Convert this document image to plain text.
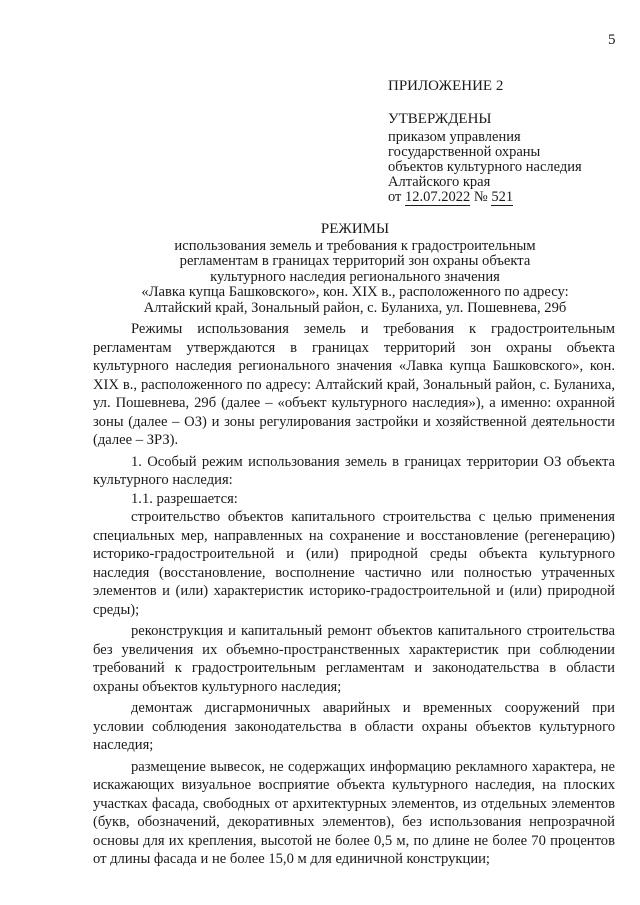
5
ПРИЛОЖЕНИЕ 2
УТВЕРЖДЕНЫ
приказом управления
государственной охраны
объектов культурного наследия
Алтайского края
от 12.07.2022 № 521
РЕЖИМЫ
использования земель и требования к градостроительным
регламентам в границах территорий зон охраны объекта
культурного наследия регионального значения
«Лавка купца Башковского», кон. XIX в., расположенного по адресу:
Алтайский край, Зональный район, с. Буланиха, ул. Пошевнева, 29б

Режимы использования земель и требования к градостроительным регламентам утверждаются в границах территорий зон охраны объекта культурного наследия регионального значения «Лавка купца Башковского», кон. XIX в., расположенного по адресу: Алтайский край, Зональный район, с. Буланиха, ул. Пошевнева, 29б (далее – «объект культурного наследия»), а именно: охранной зоны (далее – ОЗ) и зоны регулирования застройки и хозяйственной деятельности (далее – ЗРЗ).

1. Особый режим использования земель в границах территории ОЗ объекта культурного наследия:

1.1. разрешается:

строительство объектов капитального строительства с целью применения специальных мер, направленных на сохранение и восстановление (регенерацию) историко-градостроительной и (или) природной среды объекта культурного наследия (восстановление, восполнение частично или полностью утраченных элементов и (или) характеристик историко-градостроительной и (или) природной среды);

реконструкция и капитальный ремонт объектов капитального строительства без увеличения их объемно-пространственных характеристик при соблюдении требований к градостроительным регламентам и законодательства в области охраны объектов культурного наследия;

демонтаж дисгармоничных аварийных и временных сооружений при условии соблюдения законодательства в области охраны объектов культурного наследия;

размещение вывесок, не содержащих информацию рекламного характера, не искажающих визуальное восприятие объекта культурного наследия, на плоских участках фасада, свободных от архитектурных элементов, из отдельных элементов (букв, обозначений, декоративных элементов), без использования непрозрачной основы для их крепления, высотой не более 0,5 м, по длине не более 70 процентов от длины фасада и не более 15,0 м для единичной конструкции;
